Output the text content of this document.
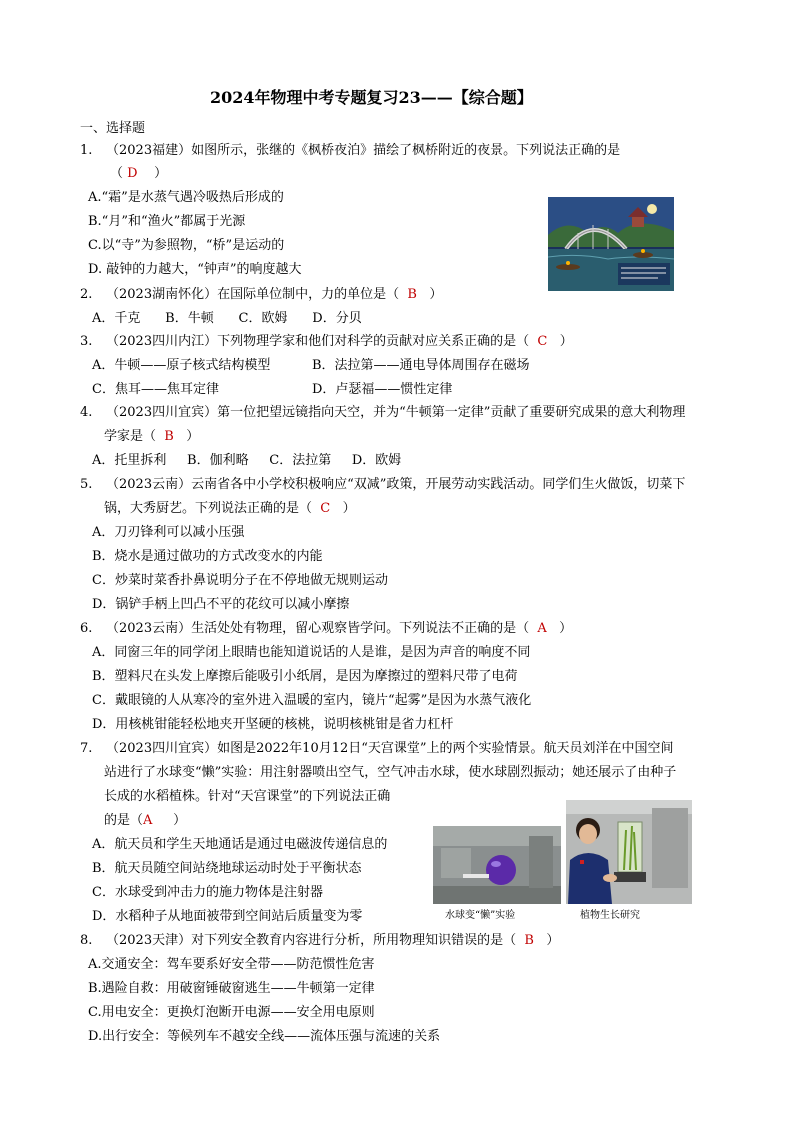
2024年物理中考专题复习23——【综合题】
一、选择题
1. （2023福建）如图所示，张继的《枫桥夜泊》描绘了枫桥附近的夜景。下列说法正确的是
（ D ）
A.“霜”是水蒸气遇冷吸热后形成的
B.“月”和“渔火”都属于光源
C.以“寺”为参照物，“桥”是运动的
D. 敲钟的力越大，“钟声”的响度越大
2. （2023湖南怀化）在国际单位制中，力的单位是（ B ）
A．千克      B．牛顿      C．欧姆      D．分贝
3. （2023四川内江）下列物理学家和他们对科学的贡献对应关系正确的是（ C ）
A．牛顿——原子核式结构模型	B．法拉第——通电导体周围存在磁场
C．焦耳——焦耳定律	D．卢瑟福——惯性定律
4. （2023四川宜宾）第一位把望远镜指向天空，并为“牛顿第一定律”贡献了重要研究成果的意大利物理
学家是（ B ）
A．托里拆利     B．伽利略     C．法拉第     D．欧姆
5. （2023云南）云南省各中小学校积极响应“双减”政策，开展劳动实践活动。同学们生火做饭，切菜下
锅，大秀厨艺。下列说法正确的是（ C ）
A．刀刃锋利可以减小压强
B．烧水是通过做功的方式改变水的内能
C．炒菜时菜香扑鼻说明分子在不停地做无规则运动
D．锅铲手柄上凹凸不平的花纹可以减小摩擦
6. （2023云南）生活处处有物理，留心观察皆学问。下列说法不正确的是（ A ）
A．同窗三年的同学闭上眼睛也能知道说话的人是谁，是因为声音的响度不同
B．塑料尺在头发上摩擦后能吸引小纸屑，是因为摩擦过的塑料尺带了电荷
C．戴眼镜的人从寒冷的室外进入温暖的室内，镜片“起雾”是因为水蒸气液化
D．用核桃钳能轻松地夹开坚硬的核桃，说明核桃钳是省力杠杆
7. （2023四川宜宾）如图是2022年10月12日“天宫课堂”上的两个实验情景。航天员刘洋在中国空间
站进行了水球变“懒”实验：用注射器喷出空气，空气冲击水球，使水球剧烈振动；她还展示了由种子
长成的水稻植株。针对“天宫课堂”的下列说法正确
的是（A ）
A．航天员和学生天地通话是通过电磁波传递信息的
B．航天员随空间站绕地球运动时处于平衡状态
C．水球受到冲击力的施力物体是注射器
D．水稻种子从地面被带到空间站后质量变为零	水球变“懒”实验	植物生长研究
8. （2023天津）对下列安全教育内容进行分析，所用物理知识错误的是（ B ）
A.交通安全：驾车要系好安全带——防范惯性危害
B.遇险自救：用破窗锤破窗逃生——牛顿第一定律
C.用电安全：更换灯泡断开电源——安全用电原则
D.出行安全：等候列车不越安全线——流体压强与流速的关系
